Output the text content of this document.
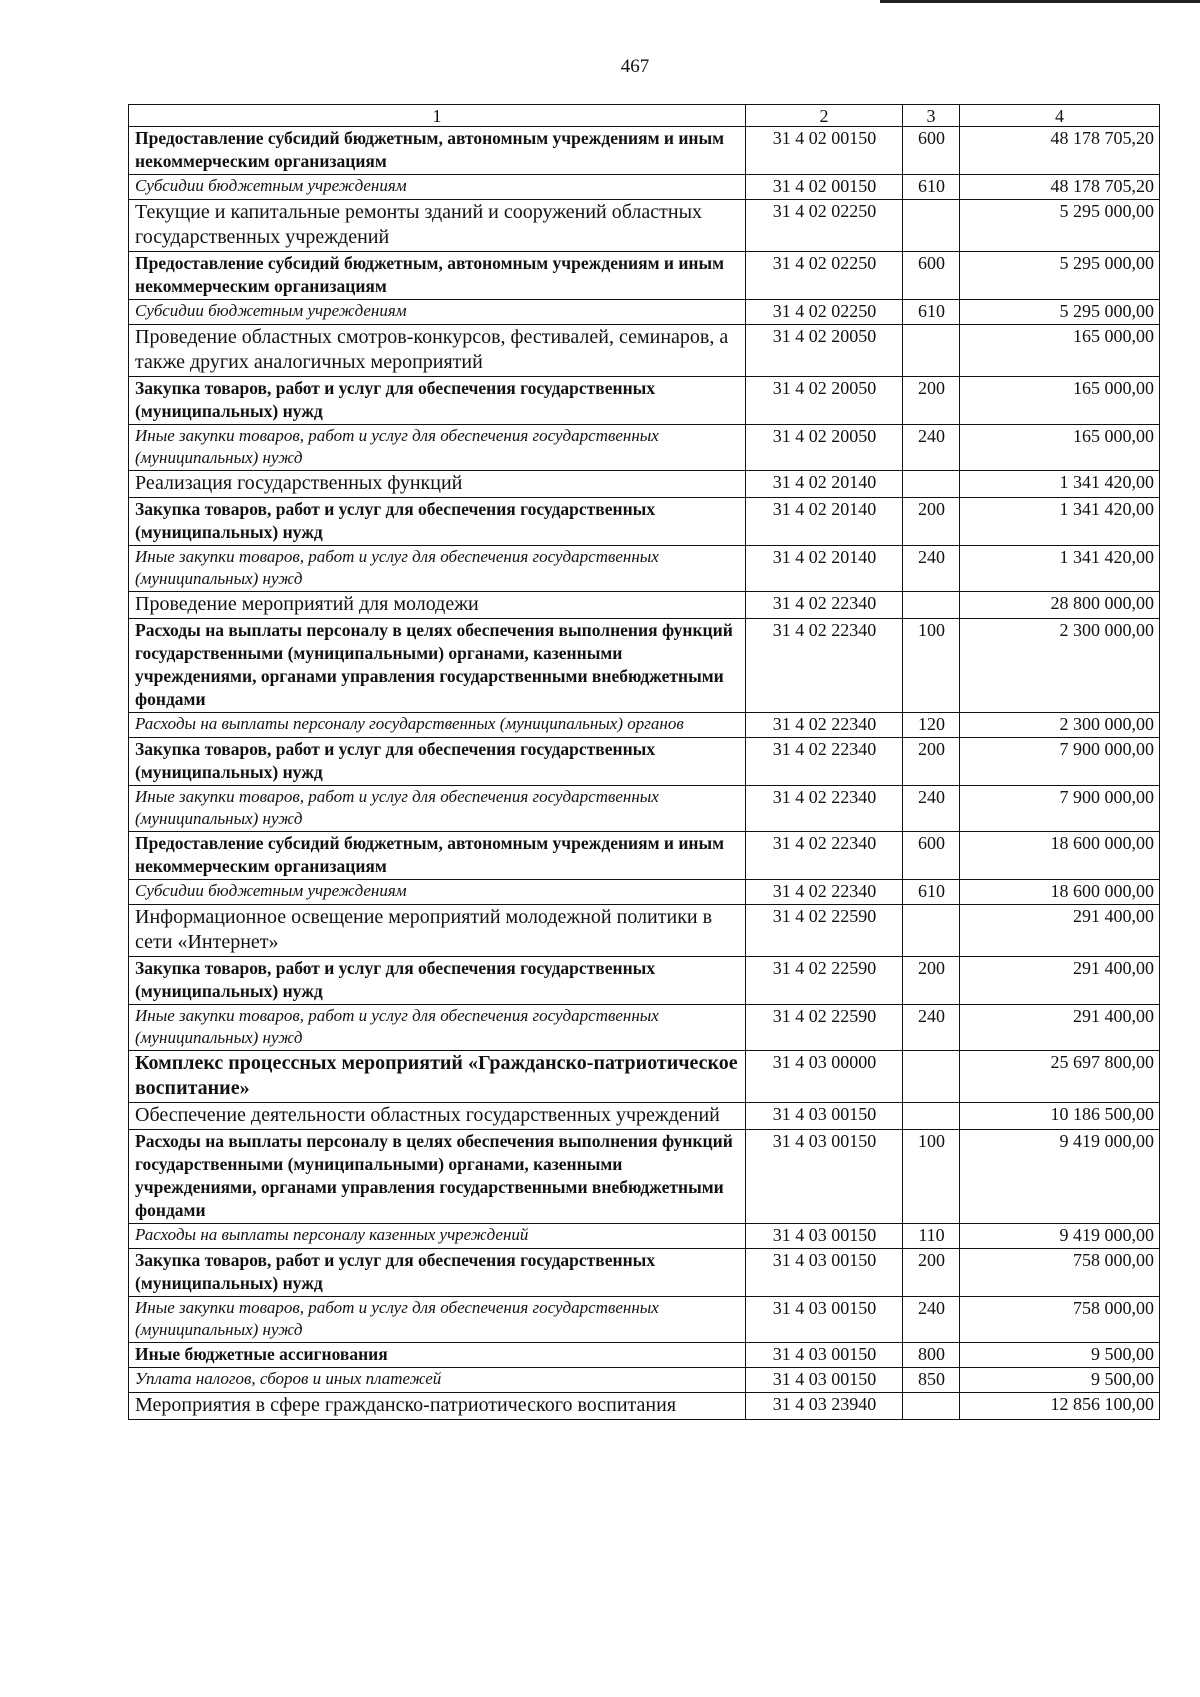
467
1	2	3	4
Предоставление субсидий бюджетным, автономным учреждениям и иным некоммерческим организациям	31 4 02 00150	600	48 178 705,20
Субсидии бюджетным учреждениям	31 4 02 00150	610	48 178 705,20
Текущие и капитальные ремонты зданий и сооружений областных государственных учреждений	31 4 02 02250		5 295 000,00
Предоставление субсидий бюджетным, автономным учреждениям и иным некоммерческим организациям	31 4 02 02250	600	5 295 000,00
Субсидии бюджетным учреждениям	31 4 02 02250	610	5 295 000,00
Проведение областных смотров-конкурсов, фестивалей, семинаров, а также других аналогичных мероприятий	31 4 02 20050		165 000,00
Закупка товаров, работ и услуг для обеспечения государственных (муниципальных) нужд	31 4 02 20050	200	165 000,00
Иные закупки товаров, работ и услуг для обеспечения государственных (муниципальных) нужд	31 4 02 20050	240	165 000,00
Реализация государственных функций	31 4 02 20140		1 341 420,00
Закупка товаров, работ и услуг для обеспечения государственных (муниципальных) нужд	31 4 02 20140	200	1 341 420,00
Иные закупки товаров, работ и услуг для обеспечения государственных (муниципальных) нужд	31 4 02 20140	240	1 341 420,00
Проведение мероприятий для молодежи	31 4 02 22340		28 800 000,00
Расходы на выплаты персоналу в целях обеспечения выполнения функций государственными (муниципальными) органами, казенными учреждениями, органами управления государственными внебюджетными фондами	31 4 02 22340	100	2 300 000,00
Расходы на выплаты персоналу государственных (муниципальных) органов	31 4 02 22340	120	2 300 000,00
Закупка товаров, работ и услуг для обеспечения государственных (муниципальных) нужд	31 4 02 22340	200	7 900 000,00
Иные закупки товаров, работ и услуг для обеспечения государственных (муниципальных) нужд	31 4 02 22340	240	7 900 000,00
Предоставление субсидий бюджетным, автономным учреждениям и иным некоммерческим организациям	31 4 02 22340	600	18 600 000,00
Субсидии бюджетным учреждениям	31 4 02 22340	610	18 600 000,00
Информационное освещение мероприятий молодежной политики в сети «Интернет»	31 4 02 22590		291 400,00
Закупка товаров, работ и услуг для обеспечения государственных (муниципальных) нужд	31 4 02 22590	200	291 400,00
Иные закупки товаров, работ и услуг для обеспечения государственных (муниципальных) нужд	31 4 02 22590	240	291 400,00
Комплекс процессных мероприятий «Гражданско-патриотическое воспитание»	31 4 03 00000		25 697 800,00
Обеспечение деятельности областных государственных учреждений	31 4 03 00150		10 186 500,00
Расходы на выплаты персоналу в целях обеспечения выполнения функций государственными (муниципальными) органами, казенными учреждениями, органами управления государственными внебюджетными фондами	31 4 03 00150	100	9 419 000,00
Расходы на выплаты персоналу казенных учреждений	31 4 03 00150	110	9 419 000,00
Закупка товаров, работ и услуг для обеспечения государственных (муниципальных) нужд	31 4 03 00150	200	758 000,00
Иные закупки товаров, работ и услуг для обеспечения государственных (муниципальных) нужд	31 4 03 00150	240	758 000,00
Иные бюджетные ассигнования	31 4 03 00150	800	9 500,00
Уплата налогов, сборов и иных платежей	31 4 03 00150	850	9 500,00
Мероприятия в сфере гражданско-патриотического воспитания	31 4 03 23940		12 856 100,00
